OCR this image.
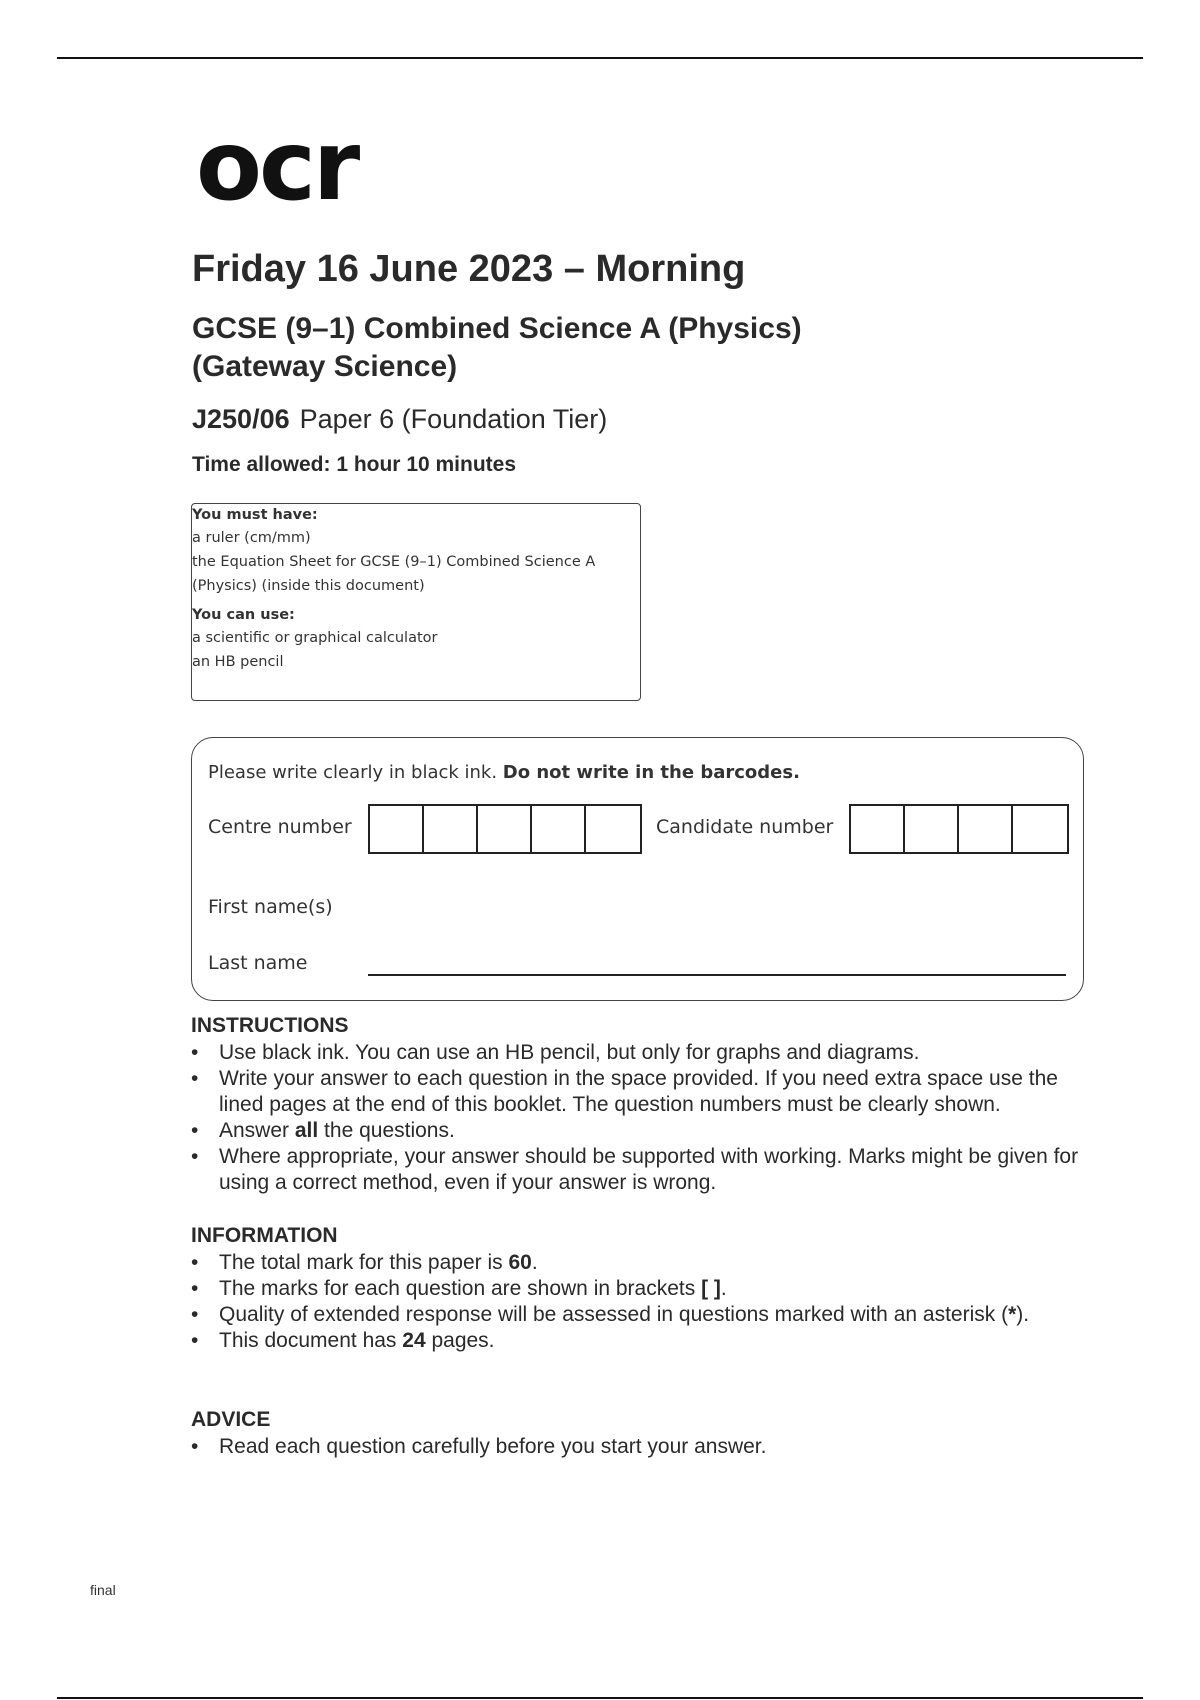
ocr
Friday 16 June 2023 – Morning
GCSE (9–1) Combined Science A (Physics)
(Gateway Science)
J250/06 Paper 6 (Foundation Tier)
Time allowed: 1 hour 10 minutes
You must have:
a ruler (cm/mm)
the Equation Sheet for GCSE (9–1) Combined Science A
(Physics) (inside this document)
You can use:
a scientific or graphical calculator
an HB pencil
Please write clearly in black ink. Do not write in the barcodes.
Centre number	Candidate number
First name(s)
Last name
INSTRUCTIONS
• Use black ink. You can use an HB pencil, but only for graphs and diagrams.
• Write your answer to each question in the space provided. If you need extra space use the lined pages at the end of this booklet. The question numbers must be clearly shown.
• Answer all the questions.
• Where appropriate, your answer should be supported with working. Marks might be given for using a correct method, even if your answer is wrong.
INFORMATION
• The total mark for this paper is 60.
• The marks for each question are shown in brackets [ ].
• Quality of extended response will be assessed in questions marked with an asterisk (*).
• This document has 24 pages.
ADVICE
• Read each question carefully before you start your answer.
final
